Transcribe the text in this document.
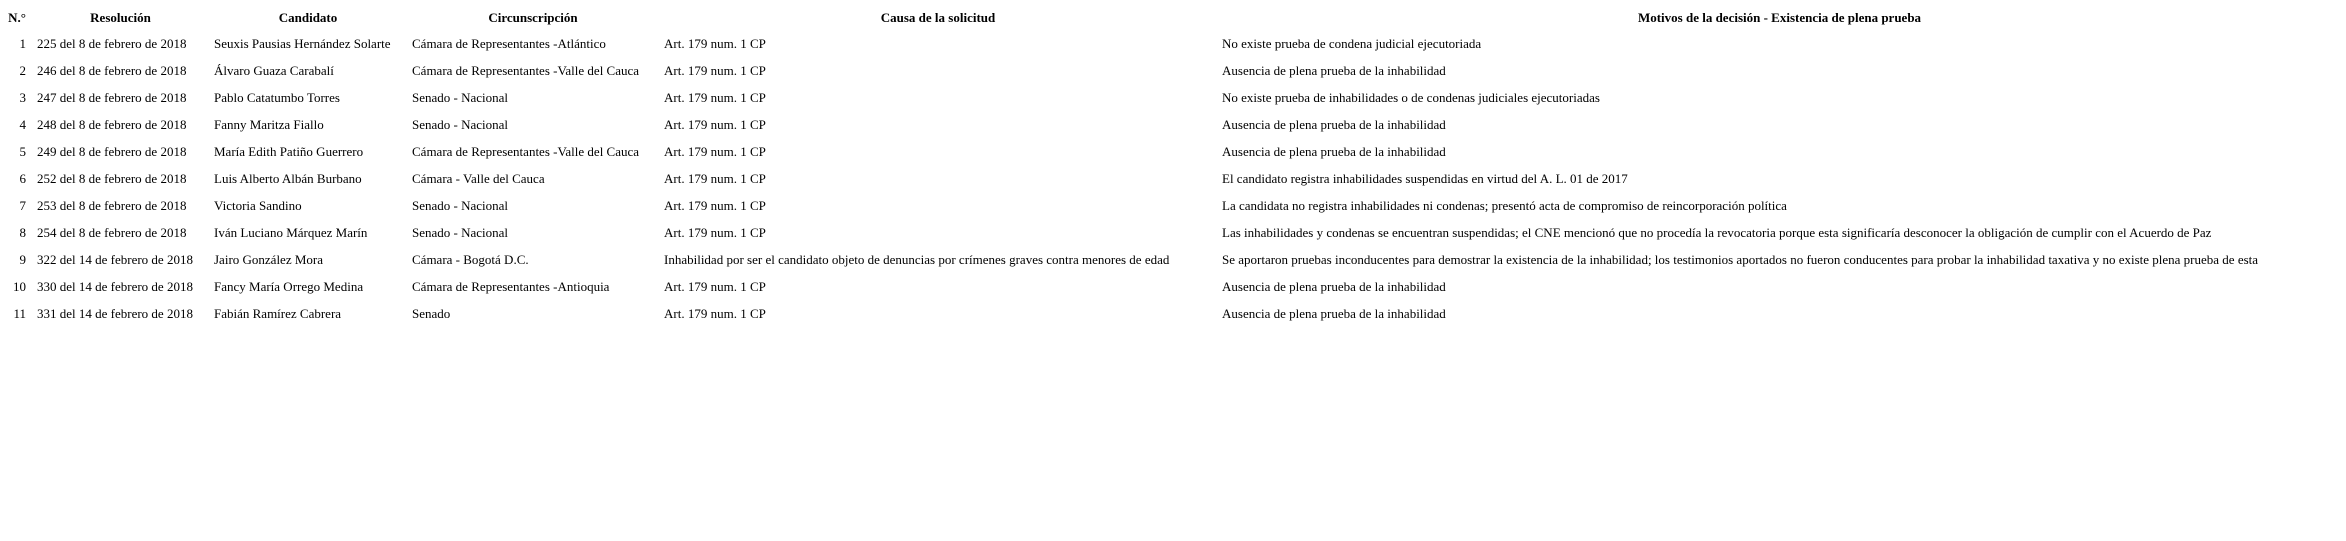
N.°	Resolución	Candidato	Circunscripción	Causa de la solicitud	Motivos de la decisión - Existencia de plena prueba
1	225 del 8 de febrero de 2018	Seuxis Pausias Hernández Solarte	Cámara de Representantes -Atlántico	Art. 179 num. 1 CP	No existe prueba de condena judicial ejecutoriada
2	246 del 8 de febrero de 2018	Álvaro Guaza Carabalí	Cámara de Representantes -Valle del Cauca	Art. 179 num. 1 CP	Ausencia de plena prueba de la inhabilidad
3	247 del 8 de febrero de 2018	Pablo Catatumbo Torres	Senado - Nacional	Art. 179 num. 1 CP	No existe prueba de inhabilidades o de condenas judiciales ejecutoriadas
4	248 del 8 de febrero de 2018	Fanny Maritza Fiallo	Senado - Nacional	Art. 179 num. 1 CP	Ausencia de plena prueba de la inhabilidad
5	249 del 8 de febrero de 2018	María Edith Patiño Guerrero	Cámara de Representantes -Valle del Cauca	Art. 179 num. 1 CP	Ausencia de plena prueba de la inhabilidad
6	252 del 8 de febrero de 2018	Luis Alberto Albán Burbano	Cámara - Valle del Cauca	Art. 179 num. 1 CP	El candidato registra inhabilidades suspendidas en virtud del A. L. 01 de 2017
7	253 del 8 de febrero de 2018	Victoria Sandino	Senado - Nacional	Art. 179 num. 1 CP	La candidata no registra inhabilidades ni condenas; presentó acta de compromiso de reincorporación política
8	254 del 8 de febrero de 2018	Iván Luciano Márquez Marín	Senado - Nacional	Art. 179 num. 1 CP	Las inhabilidades y condenas se encuentran suspendidas; el CNE mencionó que no procedía la revocatoria porque esta significaría desconocer la obligación de cumplir con el Acuerdo de Paz
9	322 del 14 de febrero de 2018	Jairo González Mora	Cámara - Bogotá D.C.	Inhabilidad por ser el candidato objeto de denuncias por crímenes graves contra menores de edad	Se aportaron pruebas inconducentes para demostrar la existencia de la inhabilidad; los testimonios aportados no fueron conducentes para probar la inhabilidad taxativa y no existe plena prueba de esta
10	330 del 14 de febrero de 2018	Fancy María Orrego Medina	Cámara de Representantes -Antioquia	Art. 179 num. 1 CP	Ausencia de plena prueba de la inhabilidad
11	331 del 14 de febrero de 2018	Fabián Ramírez Cabrera	Senado	Art. 179 num. 1 CP	Ausencia de plena prueba de la inhabilidad
